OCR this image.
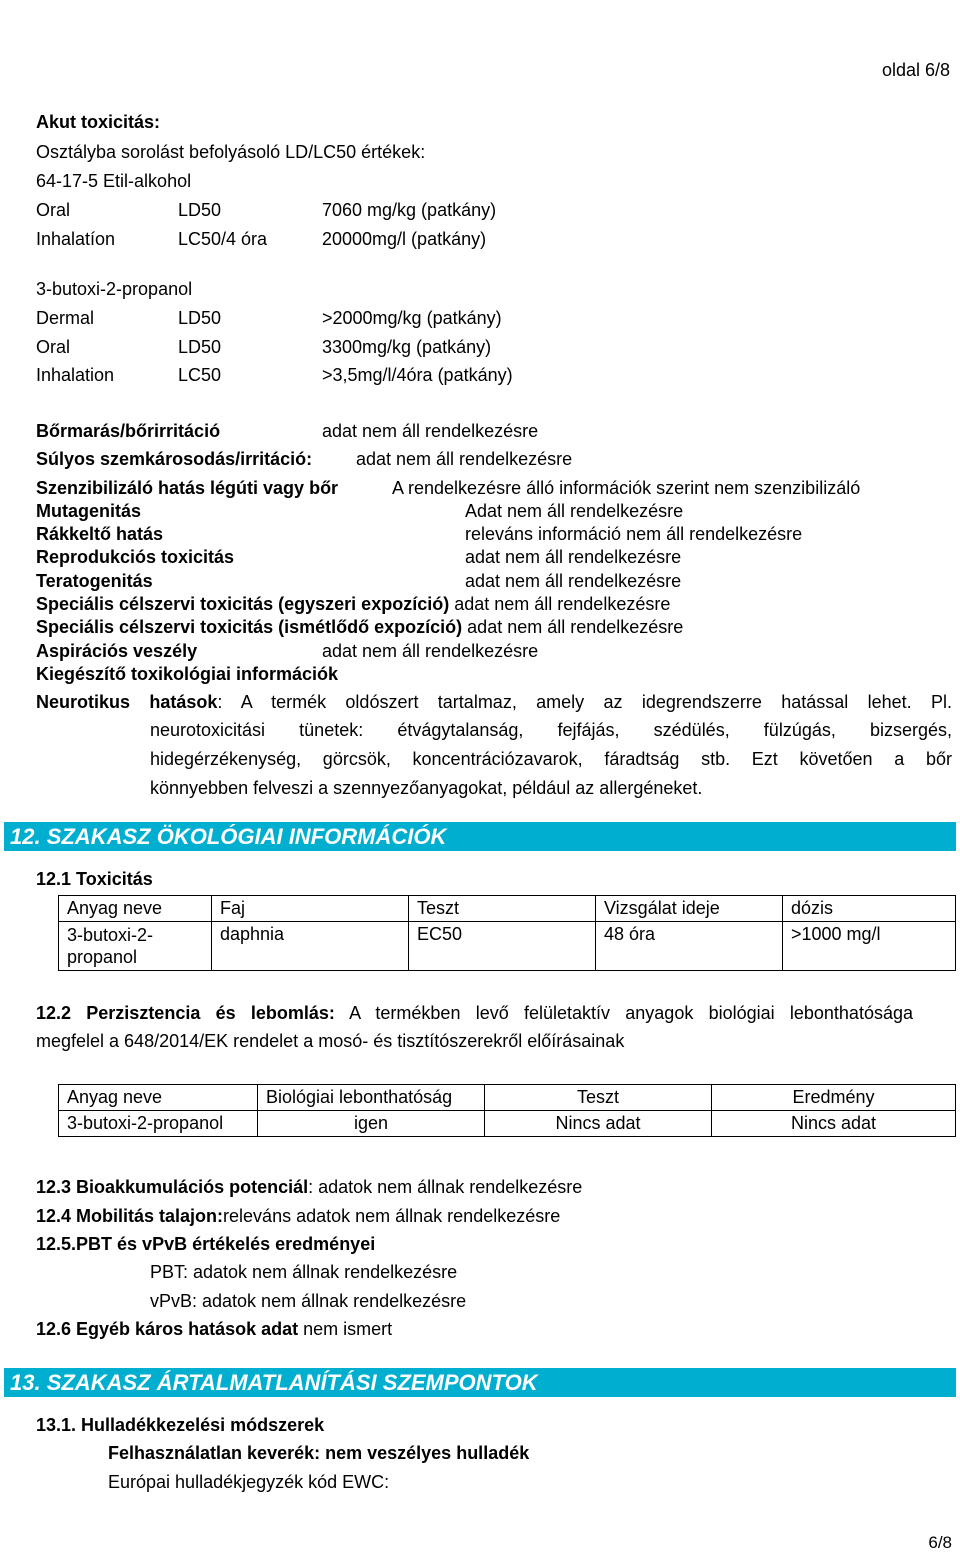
Biztonsági adatlap	domol ECO Glasklar
oldal 6/8
Verzió: 1	Felülvizsgálat dátuma: 2015.07.09
Akut toxicitás:
Osztályba sorolást befolyásoló LD/LC50 értékek:
64-17-5 Etil-alkohol
Oral	LD50	7060 mg/kg (patkány)
Inhalatíon	LC50/4 óra	20000mg/l (patkány)
3-butoxi-2-propanol
Dermal	LD50	>2000mg/kg (patkány)
Oral	LD50	3300mg/kg (patkány)
Inhalation	LC50	>3,5mg/l/4óra (patkány)
Bőrmarás/bőrirritáció	adat nem áll rendelkezésre
Súlyos szemkárosodás/irritáció: adat nem áll rendelkezésre
Szenzibilizáló hatás légúti vagy bőr	A rendelkezésre álló információk szerint nem szenzibilizáló
Mutagenitás	Adat nem áll rendelkezésre
Rákkeltő hatás	releváns információ nem áll rendelkezésre
Reprodukciós toxicitás	adat nem áll rendelkezésre
Teratogenitás	adat nem áll rendelkezésre
Speciális célszervi toxicitás (egyszeri expozíció) adat nem áll rendelkezésre
Speciális célszervi toxicitás (ismétlődő expozíció) adat nem áll rendelkezésre
Aspirációs veszély	adat nem áll rendelkezésre
Kiegészítő toxikológiai információk
Neurotikus hatások: A termék oldószert tartalmaz, amely az idegrendszerre hatással lehet. Pl.
neurotoxicitási tünetek: étvágytalanság, fejfájás, szédülés, fülzúgás, bizsergés,
hidegérzékenység, görcsök, koncentrációzavarok, fáradtság stb. Ezt követően a bőr
könnyebben felveszi a szennyezőanyagokat, például az allergéneket.
12. SZAKASZ ÖKOLÓGIAI INFORMÁCIÓK
12.1 Toxicitás
Anyag neve	Faj	Teszt	Vizsgálat ideje	dózis
3-butoxi-2-propanol	daphnia	EC50	48 óra	>1000 mg/l
12.2 Perzisztencia és lebomlás: A termékben levő felületaktív anyagok biológiai lebonthatósága
megfelel a 648/2014/EK rendelet a mosó- és tisztítószerekről előírásainak
Anyag neve	Biológiai lebonthatóság	Teszt	Eredmény
3-butoxi-2-propanol	igen	Nincs adat	Nincs adat
12.3 Bioakkumulációs potenciál: adatok nem állnak rendelkezésre
12.4 Mobilitás talajon:releváns adatok nem állnak rendelkezésre
12.5.PBT és vPvB értékelés eredményei
PBT: adatok nem állnak rendelkezésre
vPvB: adatok nem állnak rendelkezésre
12.6 Egyéb káros hatások adat nem ismert
13. SZAKASZ ÁRTALMATLANÍTÁSI SZEMPONTOK
13.1. Hulladékkezelési módszerek
Felhasználatlan keverék: nem veszélyes hulladék
Európai hulladékjegyzék kód EWC:
6/8
